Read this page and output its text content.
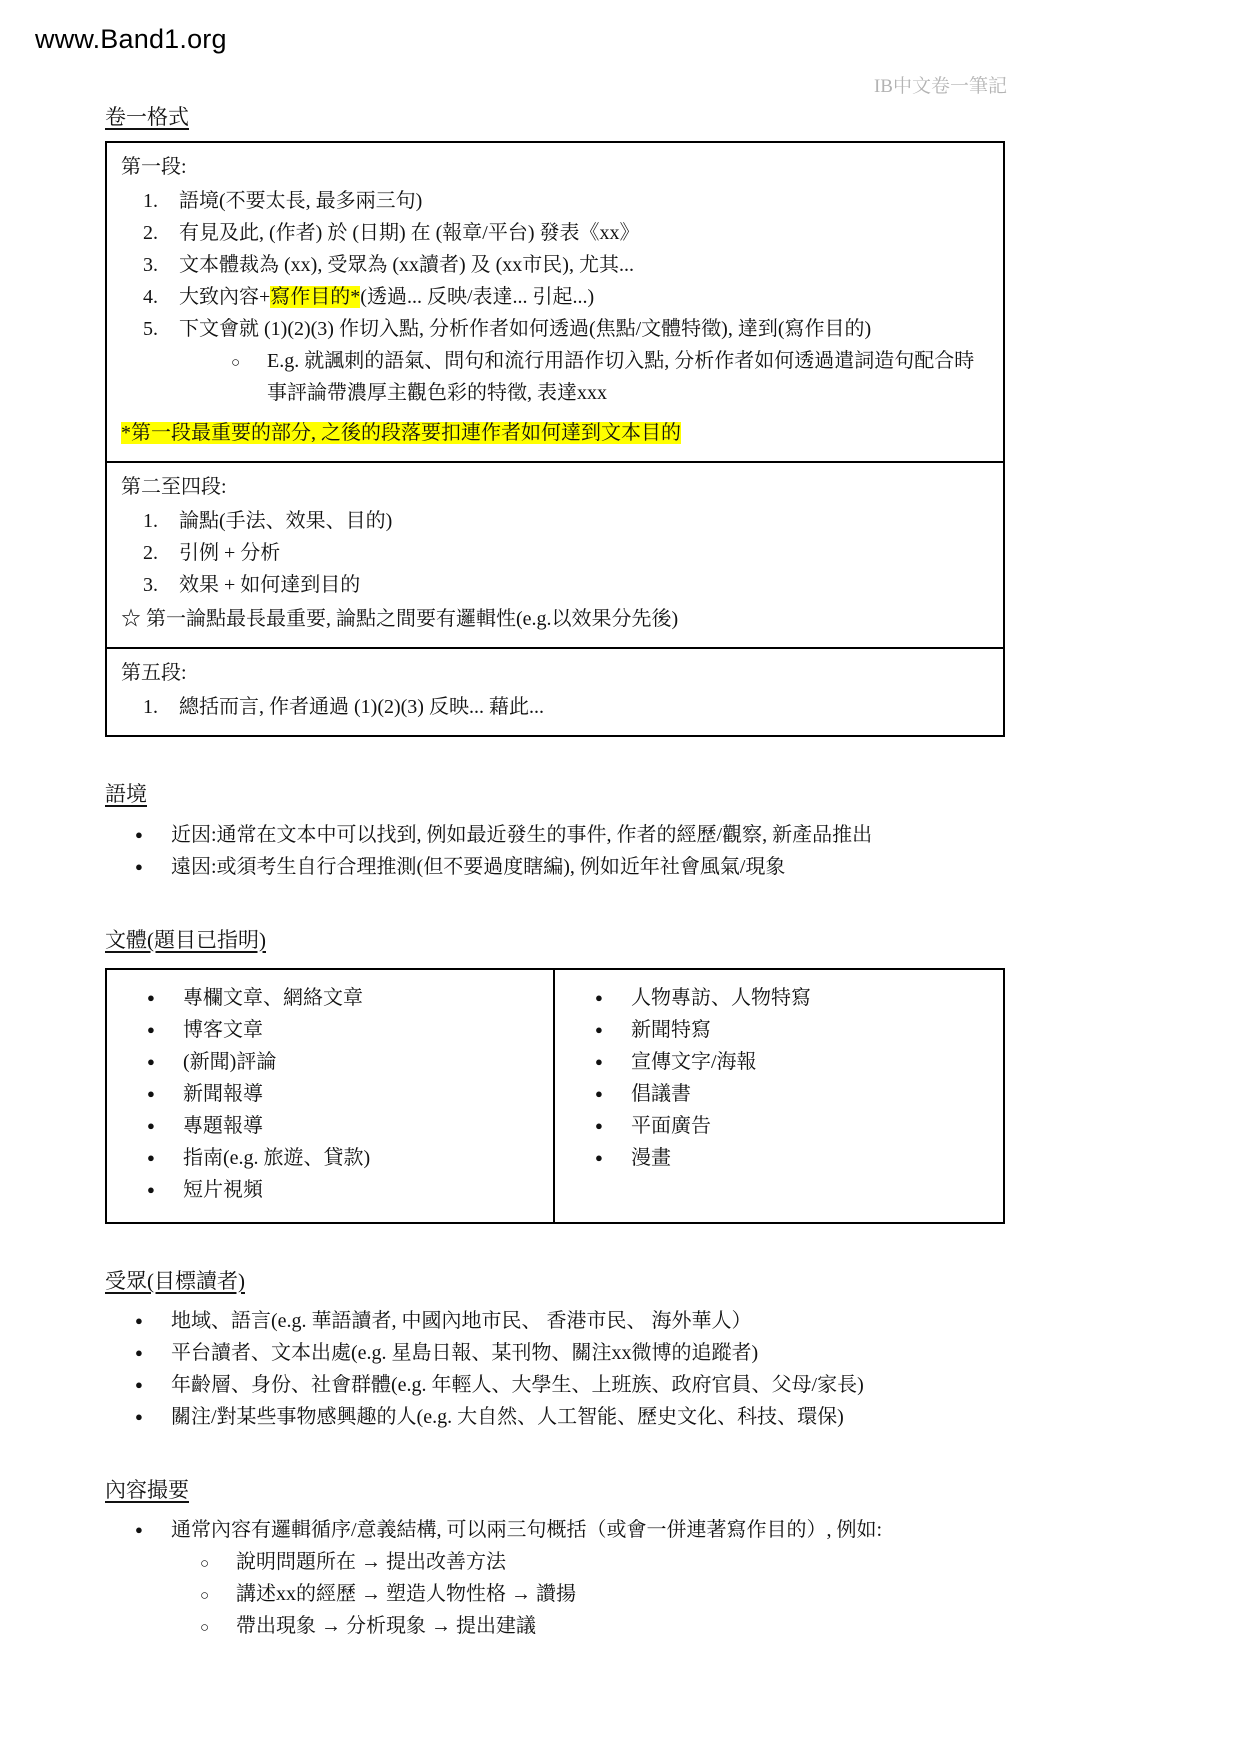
www.Band1.org
IB中文卷一筆記
卷一格式
第一段:
1.	語境(不要太長, 最多兩三句)
2.	有見及此, (作者) 於 (日期) 在 (報章/平台) 發表《xx》
3.	文本體裁為 (xx), 受眾為 (xx讀者) 及 (xx市民), 尤其...
4.	大致內容+寫作目的*(透過... 反映/表達... 引起...)
5.	下文會就 (1)(2)(3) 作切入點, 分析作者如何透過(焦點/文體特徵), 達到(寫作目的)
○
E.g. 就諷刺的語氣、問句和流行用語作切入點, 分析作者如何透過遣詞造句配合時事評論帶濃厚主觀色彩的特徵, 表達xxx
*第一段最重要的部分, 之後的段落要扣連作者如何達到文本目的
第二至四段:
1.	論點(手法、效果、目的)
2.	引例 + 分析
3.	效果 + 如何達到目的
☆ 第一論點最長最重要, 論點之間要有邏輯性(e.g.以效果分先後)
第五段:
1.	總括而言, 作者通過 (1)(2)(3) 反映... 藉此...
語境
●
近因:通常在文本中可以找到, 例如最近發生的事件, 作者的經歷/觀察, 新產品推出
●
遠因:或須考生自行合理推測(但不要過度瞎編), 例如近年社會風氣/現象
文體(題目已指明)
●
專欄文章、網絡文章
●
博客文章
●
(新聞)評論
●
新聞報導
●
專題報導
●
指南(e.g. 旅遊、貸款)
●
短片視頻
●
人物專訪、人物特寫
●
新聞特寫
●
宣傳文字/海報
●
倡議書
●
平面廣告
●
漫畫
受眾(目標讀者)
●
地域、語言(e.g. 華語讀者, 中國內地市民、 香港市民、 海外華人）
●
平台讀者、文本出處(e.g. 星島日報、某刊物、關注xx微博的追蹤者)
●
年齡層、身份、社會群體(e.g. 年輕人、大學生、上班族、政府官員、父母/家長)
●
關注/對某些事物感興趣的人(e.g. 大自然、人工智能、歷史文化、科技、環保)
內容撮要
●
通常內容有邏輯循序/意義結構, 可以兩三句概括（或會一併連著寫作目的）, 例如:
○
說明問題所在 → 提出改善方法
○
講述xx的經歷 → 塑造人物性格 → 讚揚
○
帶出現象 → 分析現象 → 提出建議
